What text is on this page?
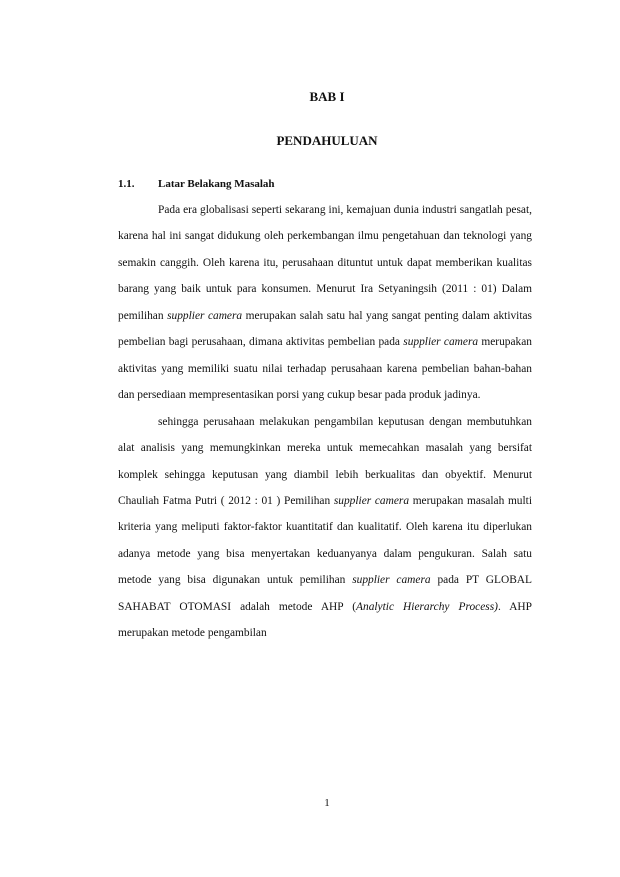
BAB I
PENDAHULUAN
1.1. Latar Belakang Masalah

Pada era globalisasi seperti sekarang ini, kemajuan dunia industri sangatlah pesat, karena hal ini sangat didukung oleh perkembangan ilmu pengetahuan dan teknologi yang semakin canggih. Oleh karena itu, perusahaan dituntut untuk dapat memberikan kualitas barang yang baik untuk para konsumen. Menurut Ira Setyaningsih (2011 : 01) Dalam pemilihan supplier camera merupakan salah satu hal yang sangat penting dalam aktivitas pembelian bagi perusahaan, dimana aktivitas pembelian pada supplier camera merupakan aktivitas yang memiliki suatu nilai terhadap perusahaan karena pembelian bahan-bahan dan persediaan mempresentasikan porsi yang cukup besar pada produk jadinya.

sehingga perusahaan melakukan pengambilan keputusan dengan membutuhkan alat analisis yang memungkinkan mereka untuk memecahkan masalah yang bersifat komplek sehingga keputusan yang diambil lebih berkualitas dan obyektif. Menurut Chauliah Fatma Putri ( 2012 : 01 ) Pemilihan supplier camera merupakan masalah multi kriteria yang meliputi faktor-faktor kuantitatif dan kualitatif. Oleh karena itu diperlukan adanya metode yang bisa menyertakan keduanyanya dalam pengukuran. Salah satu metode yang bisa digunakan untuk pemilihan supplier camera pada PT GLOBAL SAHABAT OTOMASI adalah metode AHP (Analytic Hierarchy Process). AHP merupakan metode pengambilan

1
